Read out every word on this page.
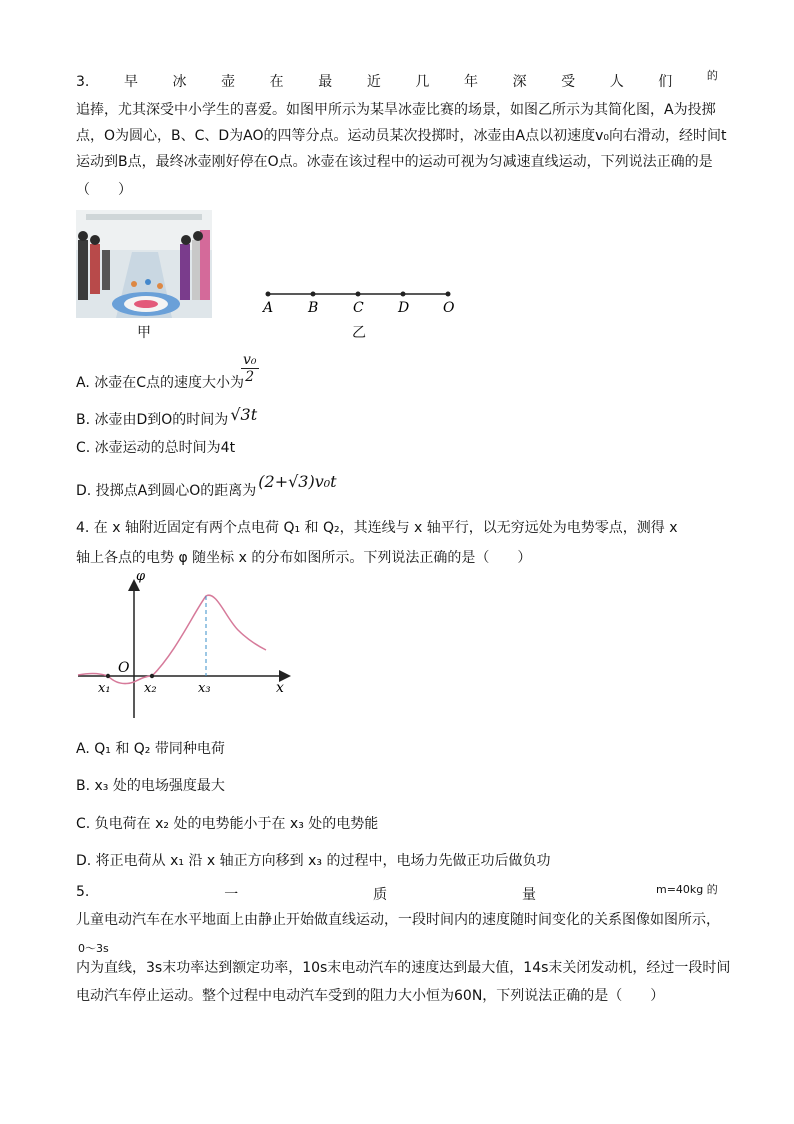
3. 早 冰 壶 在 最 近 几 年 深 受 人 们	的
追捧，尤其深受中小学生的喜爱。如图甲所示为某旱冰壶比赛的场景，如图乙所示为其简化图，A为投掷
点，O为圆心，B、C、D为AO的四等分点。运动员某次投掷时，冰壶由A点以初速度v₀向右滑动，经时间t
运动到B点，最终冰壶刚好停在O点。冰壶在该过程中的运动可视为匀减速直线运动，下列说法正确的是
（　　）
甲
A B C D O
乙
A. 冰壶在C点的速度大小为
$\frac{\text{v₀}}{2}$
B. 冰壶由D到O的时间为 √3t
C. 冰壶运动的总时间为4t
D. 投掷点A到圆心O的距离为 (2+√3)v₀t
4. 在 x 轴附近固定有两个点电荷 Q₁ 和 Q₂，其连线与 x 轴平行，以无穷远处为电势零点，测得 x
轴上各点的电势 φ 随坐标 x 的分布如图所示。下列说法正确的是（　　）
φ
x
O
x₁	x₂	x₃
A. Q₁ 和 Q₂ 带同种电荷
B. x₃ 处的电场强度最大
C. 负电荷在 x₂ 处的电势能小于在 x₃ 处的电势能
D. 将正电荷从 x₁ 沿 x 轴正方向移到 x₃ 的过程中，电场力先做正功后做负功
5.	一	质	量	m=40kg 的
儿童电动汽车在水平地面上由静止开始做直线运动，一段时间内的速度随时间变化的关系图像如图所示，
0～3s
内为直线，3s末功率达到额定功率，10s末电动汽车的速度达到最大值，14s末关闭发动机，经过一段时间
电动汽车停止运动。整个过程中电动汽车受到的阻力大小恒为60N，下列说法正确的是（　　）
